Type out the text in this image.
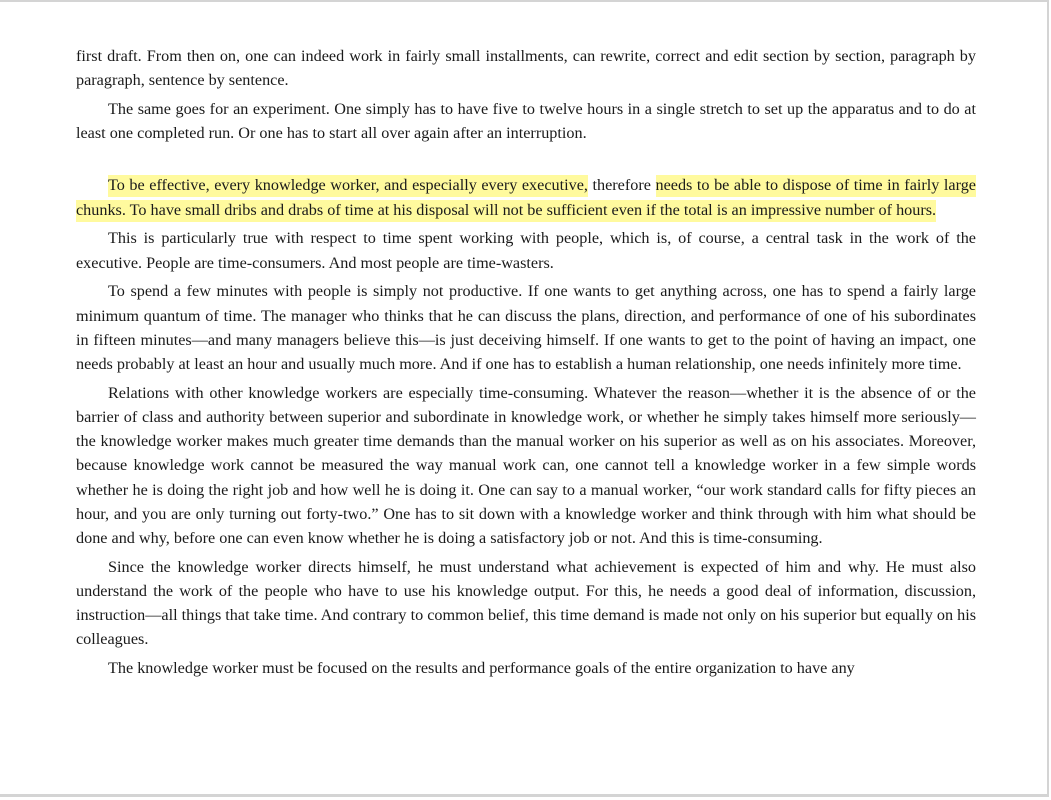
first draft. From then on, one can indeed work in fairly small installments, can rewrite, correct and edit section by section, paragraph by paragraph, sentence by sentence.

The same goes for an experiment. One simply has to have five to twelve hours in a single stretch to set up the apparatus and to do at least one completed run. Or one has to start all over again after an interruption.

To be effective, every knowledge worker, and especially every executive, therefore needs to be able to dispose of time in fairly large chunks. To have small dribs and drabs of time at his disposal will not be sufficient even if the total is an impressive number of hours.

This is particularly true with respect to time spent working with people, which is, of course, a central task in the work of the executive. People are time-consumers. And most people are time-wasters.

To spend a few minutes with people is simply not productive. If one wants to get anything across, one has to spend a fairly large minimum quantum of time. The manager who thinks that he can discuss the plans, direction, and performance of one of his subordinates in fifteen minutes—and many managers believe this—is just deceiving himself. If one wants to get to the point of having an impact, one needs probably at least an hour and usually much more. And if one has to establish a human relationship, one needs infinitely more time.

Relations with other knowledge workers are especially time-consuming. Whatever the reason—whether it is the absence of or the barrier of class and authority between superior and subordinate in knowledge work, or whether he simply takes himself more seriously—the knowledge worker makes much greater time demands than the manual worker on his superior as well as on his associates. Moreover, because knowledge work cannot be measured the way manual work can, one cannot tell a knowledge worker in a few simple words whether he is doing the right job and how well he is doing it. One can say to a manual worker, “our work standard calls for fifty pieces an hour, and you are only turning out forty-two.” One has to sit down with a knowledge worker and think through with him what should be done and why, before one can even know whether he is doing a satisfactory job or not. And this is time-consuming.

Since the knowledge worker directs himself, he must understand what achievement is expected of him and why. He must also understand the work of the people who have to use his knowledge output. For this, he needs a good deal of information, discussion, instruction—all things that take time. And contrary to common belief, this time demand is made not only on his superior but equally on his colleagues.

The knowledge worker must be focused on the results and performance goals of the entire organization to have any
